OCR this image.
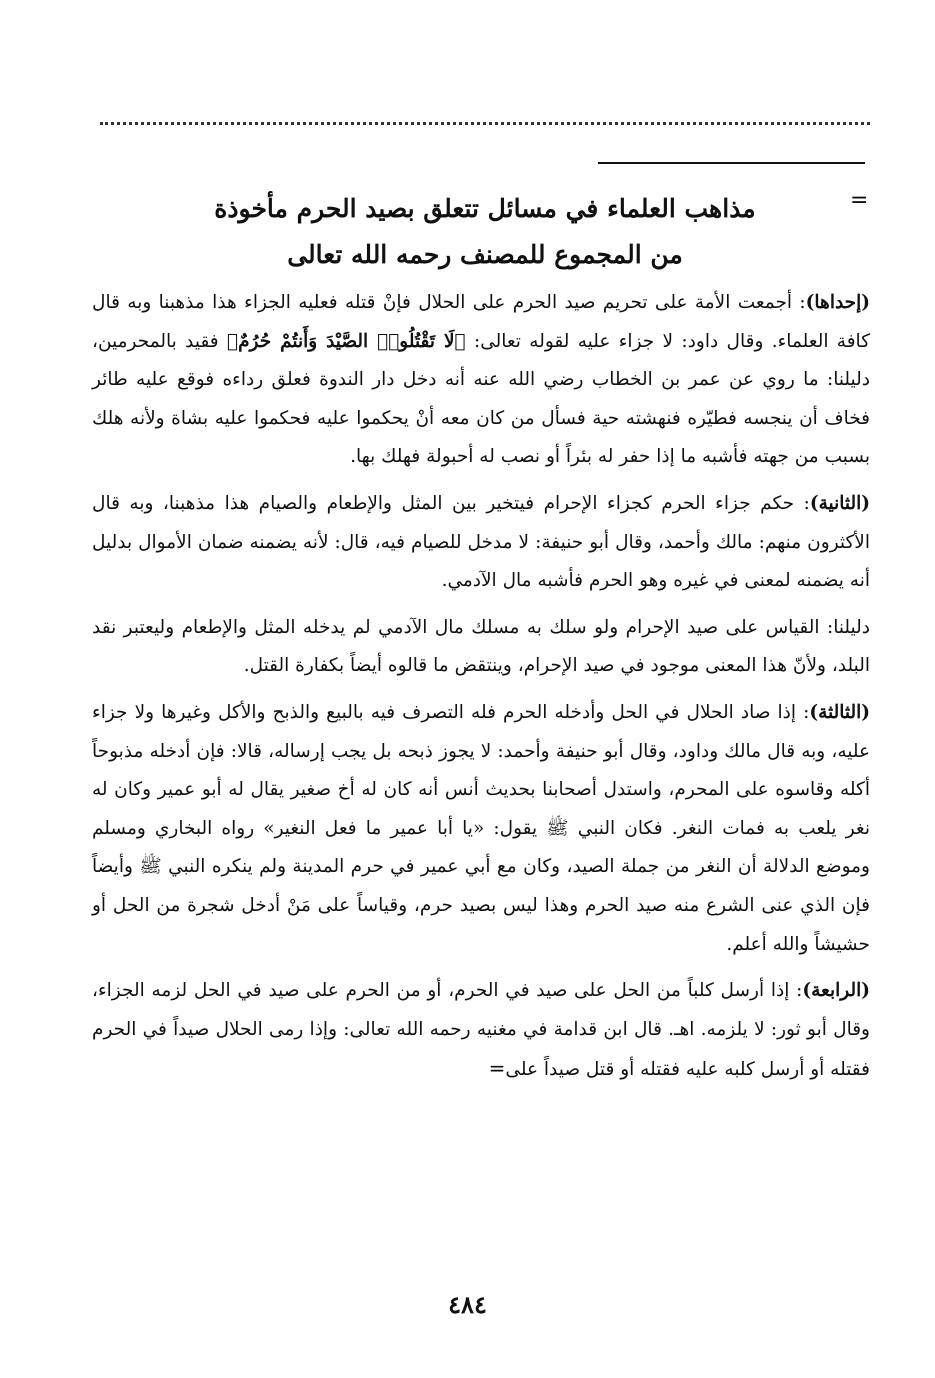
=
مذاهب العلماء في مسائل تتعلق بصيد الحرم مأخوذة
من المجموع للمصنف رحمه الله تعالى

(إحداها): أجمعت الأمة على تحريم صيد الحرم على الحلال فإنْ قتله فعليه الجزاء هذا مذهبنا وبه قال كافة العلماء. وقال داود: لا جزاء عليه لقوله تعالى: ﴿لَا تَقْتُلُوا۟ الصَّيْدَ وَأَنتُمْ حُرُمٌ﴾ فقيد بالمحرمين، دليلنا: ما روي عن عمر بن الخطاب رضي الله عنه أنه دخل دار الندوة فعلق رداءه فوقع عليه طائر فخاف أن ينجسه فطيّره فنهشته حية فسأل من كان معه أنْ يحكموا عليه فحكموا عليه بشاة ولأنه هلك بسبب من جهته فأشبه ما إذا حفر له بئراً أو نصب له أحبولة فهلك بها.

(الثانية): حكم جزاء الحرم كجزاء الإحرام فيتخير بين المثل والإطعام والصيام هذا مذهبنا، وبه قال الأكثرون منهم: مالك وأحمد، وقال أبو حنيفة: لا مدخل للصيام فيه، قال: لأنه يضمنه ضمان الأموال بدليل أنه يضمنه لمعنى في غيره وهو الحرم فأشبه مال الآدمي.

دليلنا: القياس على صيد الإحرام ولو سلك به مسلك مال الآدمي لم يدخله المثل والإطعام وليعتبر نقد البلد، ولأنّ هذا المعنى موجود في صيد الإحرام، وينتقض ما قالوه أيضاً بكفارة القتل.

(الثالثة): إذا صاد الحلال في الحل وأدخله الحرم فله التصرف فيه بالبيع والذبح والأكل وغيرها ولا جزاء عليه، وبه قال مالك وداود، وقال أبو حنيفة وأحمد: لا يجوز ذبحه بل يجب إرساله، قالا: فإن أدخله مذبوحاً أكله وقاسوه على المحرم، واستدل أصحابنا بحديث أنس أنه كان له أخ صغير يقال له أبو عمير وكان له نغر يلعب به فمات النغر. فكان النبي ﷺ يقول: «يا أبا عمير ما فعل النغير» رواه البخاري ومسلم وموضع الدلالة أن النغر من جملة الصيد، وكان مع أبي عمير في حرم المدينة ولم ينكره النبي ﷺ وأيضاً فإن الذي عنى الشرع منه صيد الحرم وهذا ليس بصيد حرم، وقياساً على مَنْ أدخل شجرة من الحل أو حشيشاً والله أعلم.

(الرابعة): إذا أرسل كلباً من الحل على صيد في الحرم، أو من الحرم على صيد في الحل لزمه الجزاء، وقال أبو ثور: لا يلزمه. اهـ. قال ابن قدامة في مغنيه رحمه الله تعالى: وإذا رمى الحلال صيداً في الحرم فقتله أو أرسل كلبه عليه فقتله أو قتل صيداً على=

٤٨٤
